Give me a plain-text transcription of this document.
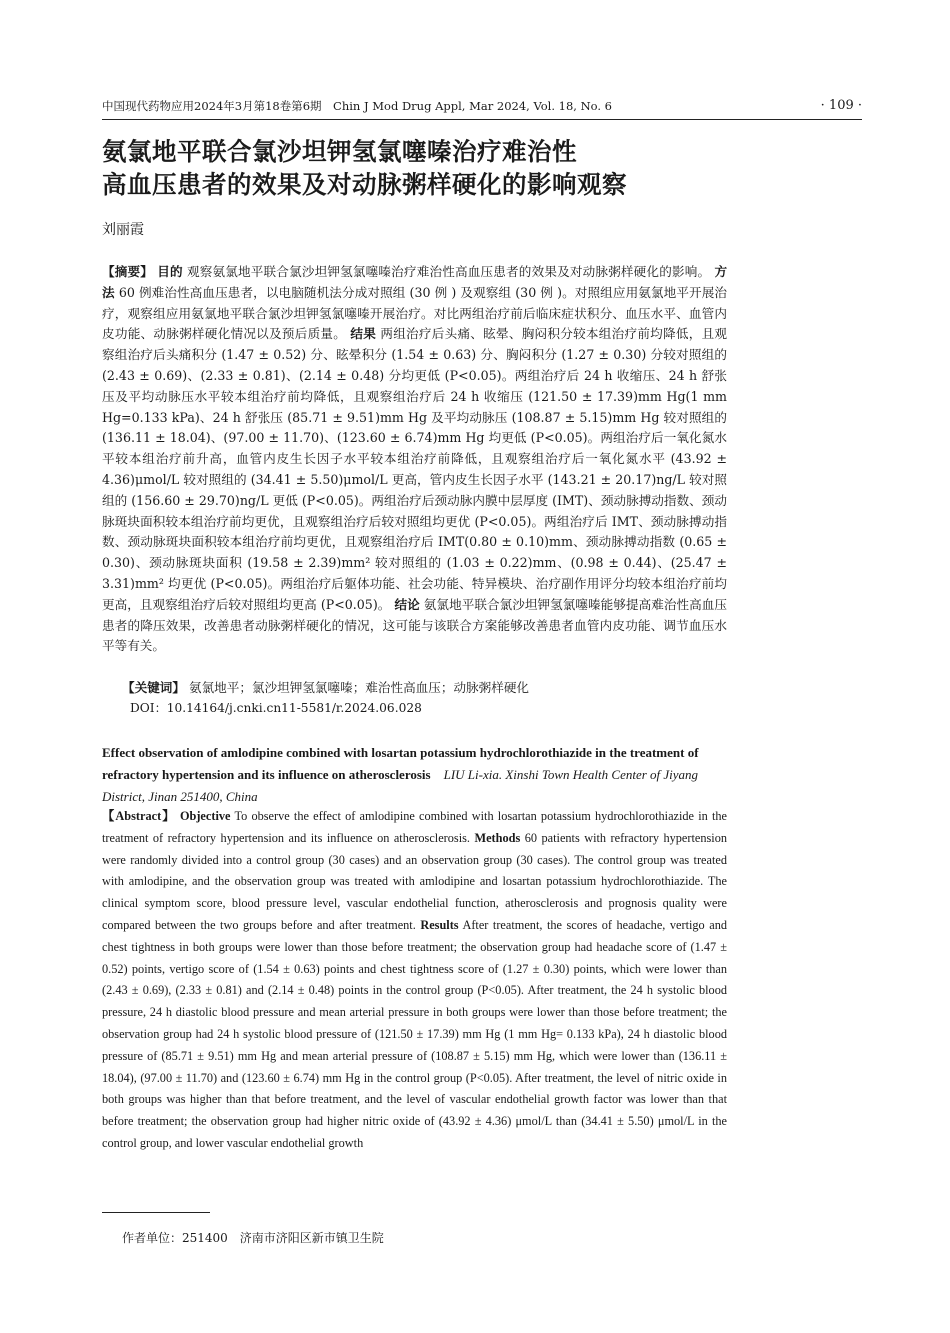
中国现代药物应用2024年3月第18卷第6期　Chin J Mod Drug Appl, Mar 2024, Vol. 18, No. 6	· 109 ·
氨氯地平联合氯沙坦钾氢氯噻嗪治疗难治性
高血压患者的效果及对动脉粥样硬化的影响观察
刘丽霞
【摘要】 目的 观察氨氯地平联合氯沙坦钾氢氯噻嗪治疗难治性高血压患者的效果及对动脉粥样硬化的影响。 方法 60 例难治性高血压患者，以电脑随机法分成对照组 (30 例 ) 及观察组 (30 例 )。对照组应用氨氯地平开展治疗，观察组应用氨氯地平联合氯沙坦钾氢氯噻嗪开展治疗。对比两组治疗前后临床症状积分、血压水平、血管内皮功能、动脉粥样硬化情况以及预后质量。 结果 两组治疗后头痛、眩晕、胸闷积分较本组治疗前均降低，且观察组治疗后头痛积分 (1.47 ± 0.52) 分、眩晕积分 (1.54 ± 0.63) 分、胸闷积分 (1.27 ± 0.30) 分较对照组的 (2.43 ± 0.69)、(2.33 ± 0.81)、(2.14 ± 0.48) 分均更低 (P<0.05)。两组治疗后 24 h 收缩压、24 h 舒张压及平均动脉压水平较本组治疗前均降低，且观察组治疗后 24 h 收缩压 (121.50 ± 17.39)mm Hg(1 mm Hg=0.133 kPa)、24 h 舒张压 (85.71 ± 9.51)mm Hg 及平均动脉压 (108.87 ± 5.15)mm Hg 较对照组的 (136.11 ± 18.04)、(97.00 ± 11.70)、(123.60 ± 6.74)mm Hg 均更低 (P<0.05)。两组治疗后一氧化氮水平较本组治疗前升高，血管内皮生长因子水平较本组治疗前降低，且观察组治疗后一氧化氮水平 (43.92 ± 4.36)μmol/L 较对照组的 (34.41 ± 5.50)μmol/L 更高，管内皮生长因子水平 (143.21 ± 20.17)ng/L 较对照组的 (156.60 ± 29.70)ng/L 更低 (P<0.05)。两组治疗后颈动脉内膜中层厚度 (IMT)、颈动脉搏动指数、颈动脉斑块面积较本组治疗前均更优，且观察组治疗后较对照组均更优 (P<0.05)。两组治疗后 IMT、颈动脉搏动指数、颈动脉斑块面积较本组治疗前均更优，且观察组治疗后 IMT(0.80 ± 0.10)mm、颈动脉搏动指数 (0.65 ± 0.30)、颈动脉斑块面积 (19.58 ± 2.39)mm² 较对照组的 (1.03 ± 0.22)mm、(0.98 ± 0.44)、(25.47 ± 3.31)mm² 均更优 (P<0.05)。两组治疗后躯体功能、社会功能、特异模块、治疗副作用评分均较本组治疗前均更高，且观察组治疗后较对照组均更高 (P<0.05)。 结论 氨氯地平联合氯沙坦钾氢氯噻嗪能够提高难治性高血压患者的降压效果，改善患者动脉粥样硬化的情况，这可能与该联合方案能够改善患者血管内皮功能、调节血压水平等有关。
【关键词】 氨氯地平；氯沙坦钾氢氯噻嗪；难治性高血压；动脉粥样硬化
DOI：10.14164/j.cnki.cn11-5581/r.2024.06.028
Effect observation of amlodipine combined with losartan potassium hydrochlorothiazide in the treatment of refractory hypertension and its influence on atherosclerosis LIU Li-xia. Xinshi Town Health Center of Jiyang District, Jinan 251400, China
【Abstract】 Objective To observe the effect of amlodipine combined with losartan potassium hydrochlorothiazide in the treatment of refractory hypertension and its influence on atherosclerosis. Methods 60 patients with refractory hypertension were randomly divided into a control group (30 cases) and an observation group (30 cases). The control group was treated with amlodipine, and the observation group was treated with amlodipine and losartan potassium hydrochlorothiazide. The clinical symptom score, blood pressure level, vascular endothelial function, atherosclerosis and prognosis quality were compared between the two groups before and after treatment. Results After treatment, the scores of headache, vertigo and chest tightness in both groups were lower than those before treatment; the observation group had headache score of (1.47 ± 0.52) points, vertigo score of (1.54 ± 0.63) points and chest tightness score of (1.27 ± 0.30) points, which were lower than (2.43 ± 0.69), (2.33 ± 0.81) and (2.14 ± 0.48) points in the control group (P<0.05). After treatment, the 24 h systolic blood pressure, 24 h diastolic blood pressure and mean arterial pressure in both groups were lower than those before treatment; the observation group had 24 h systolic blood pressure of (121.50 ± 17.39) mm Hg (1 mm Hg= 0.133 kPa), 24 h diastolic blood pressure of (85.71 ± 9.51) mm Hg and mean arterial pressure of (108.87 ± 5.15) mm Hg, which were lower than (136.11 ± 18.04), (97.00 ± 11.70) and (123.60 ± 6.74) mm Hg in the control group (P<0.05). After treatment, the level of nitric oxide in both groups was higher than that before treatment, and the level of vascular endothelial growth factor was lower than that before treatment; the observation group had higher nitric oxide of (43.92 ± 4.36) μmol/L than (34.41 ± 5.50) μmol/L in the control group, and lower vascular endothelial growth
作者单位：251400　济南市济阳区新市镇卫生院
